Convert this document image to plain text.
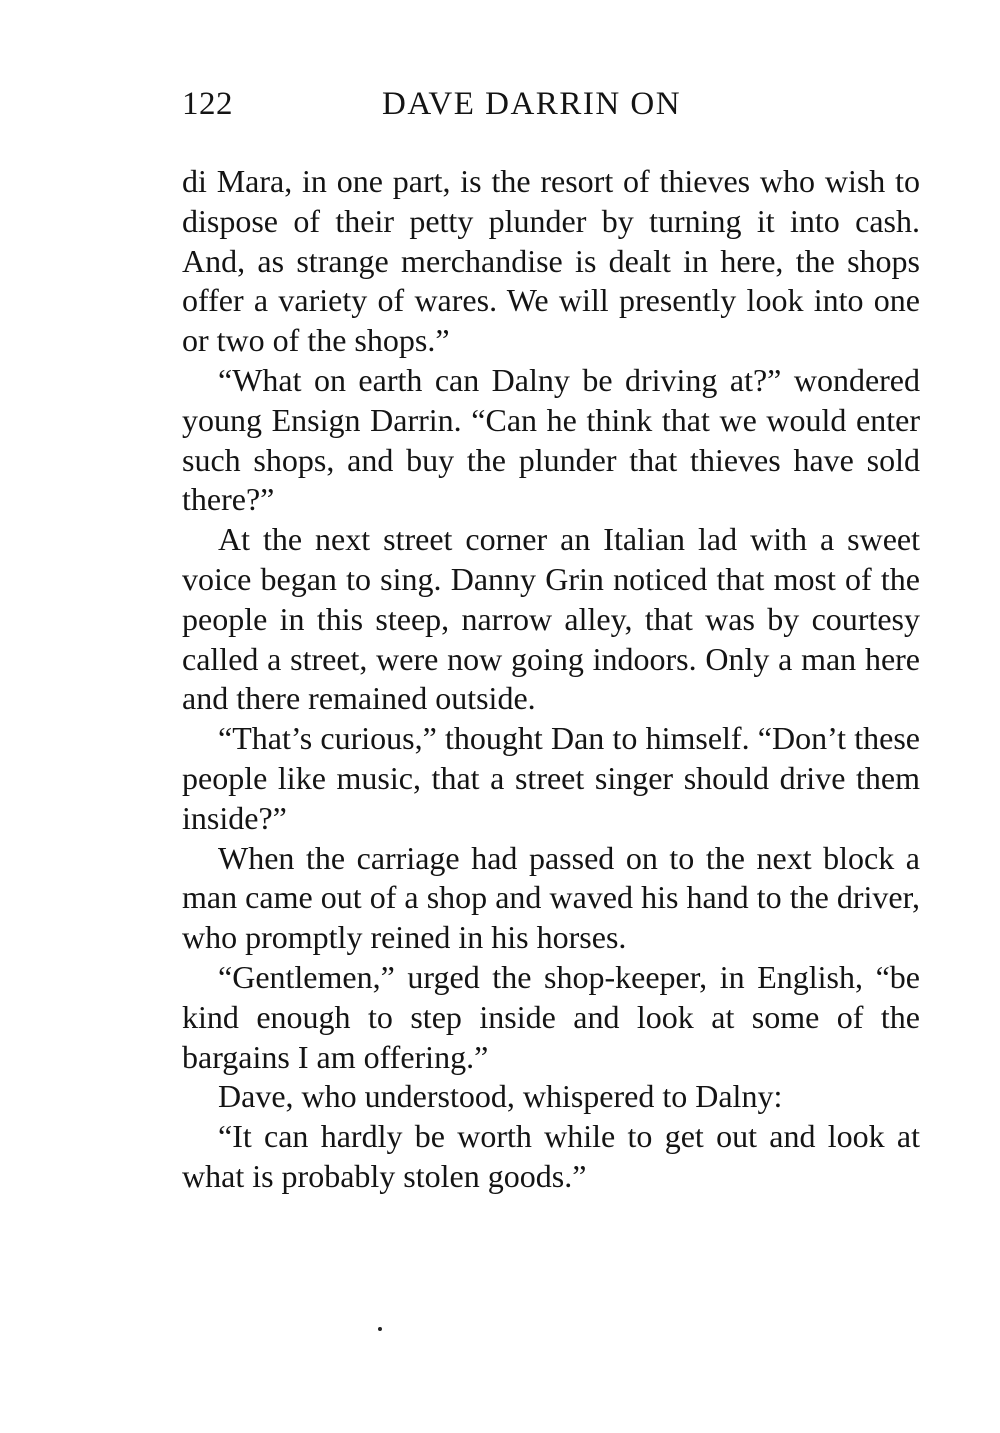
122	DAVE DARRIN ON

di Mara, in one part, is the resort of thieves who wish to dispose of their petty plunder by turning it into cash. And, as strange merchandise is dealt in here, the shops offer a variety of wares. We will presently look into one or two of the shops.”

“What on earth can Dalny be driving at?” wondered young Ensign Darrin. “Can he think that we would enter such shops, and buy the plunder that thieves have sold there?”

At the next street corner an Italian lad with a sweet voice began to sing. Danny Grin noticed that most of the people in this steep, narrow alley, that was by courtesy called a street, were now going indoors. Only a man here and there remained outside.

“That’s curious,” thought Dan to himself. “Don’t these people like music, that a street singer should drive them inside?”

When the carriage had passed on to the next block a man came out of a shop and waved his hand to the driver, who promptly reined in his horses.

“Gentlemen,” urged the shop-keeper, in English, “be kind enough to step inside and look at some of the bargains I am offering.”

Dave, who understood, whispered to Dalny:

“It can hardly be worth while to get out and look at what is probably stolen goods.”
